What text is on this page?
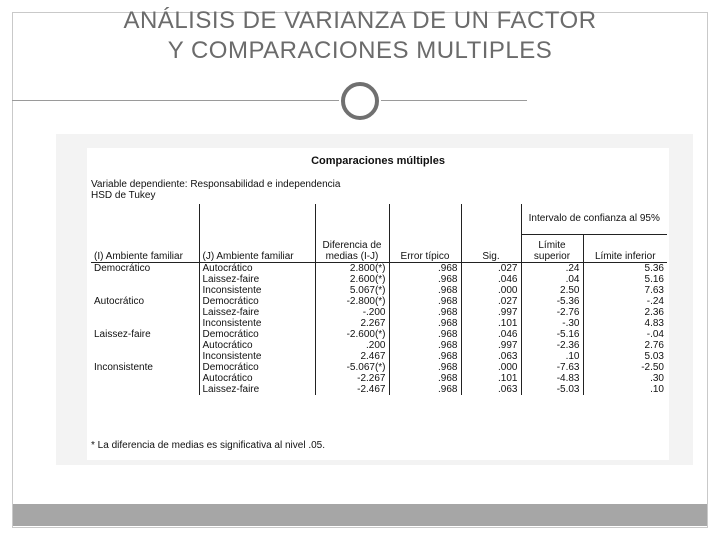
ANÁLISIS DE VARIANZA DE UN FACTOR
Y COMPARACIONES MULTIPLES
Comparaciones múltiples
Variable dependiente: Responsabilidad e independencia
HSD de Tukey
					Intervalo de confianza al 95%	
(I) Ambiente familiar	(J) Ambiente familiar	Diferencia de medias (I-J)	Error típico	Sig.	Límite superior	Límite inferior
Democrático	Autocrático	2.800(*)	.968	.027	.24	5.36
	Laissez-faire	2.600(*)	.968	.046	.04	5.16
	Inconsistente	5.067(*)	.968	.000	2.50	7.63
Autocrático	Democrático	-2.800(*)	.968	.027	-5.36	-.24
	Laissez-faire	-.200	.968	.997	-2.76	2.36
	Inconsistente	2.267	.968	.101	-.30	4.83
Laissez-faire	Democrático	-2.600(*)	.968	.046	-5.16	-.04
	Autocrático	.200	.968	.997	-2.36	2.76
	Inconsistente	2.467	.968	.063	.10	5.03
Inconsistente	Democrático	-5.067(*)	.968	.000	-7.63	-2.50
	Autocrático	-2.267	.968	.101	-4.83	.30
	Laissez-faire	-2.467	.968	.063	-5.03	.10
* La diferencia de medias es significativa al nivel .05.
